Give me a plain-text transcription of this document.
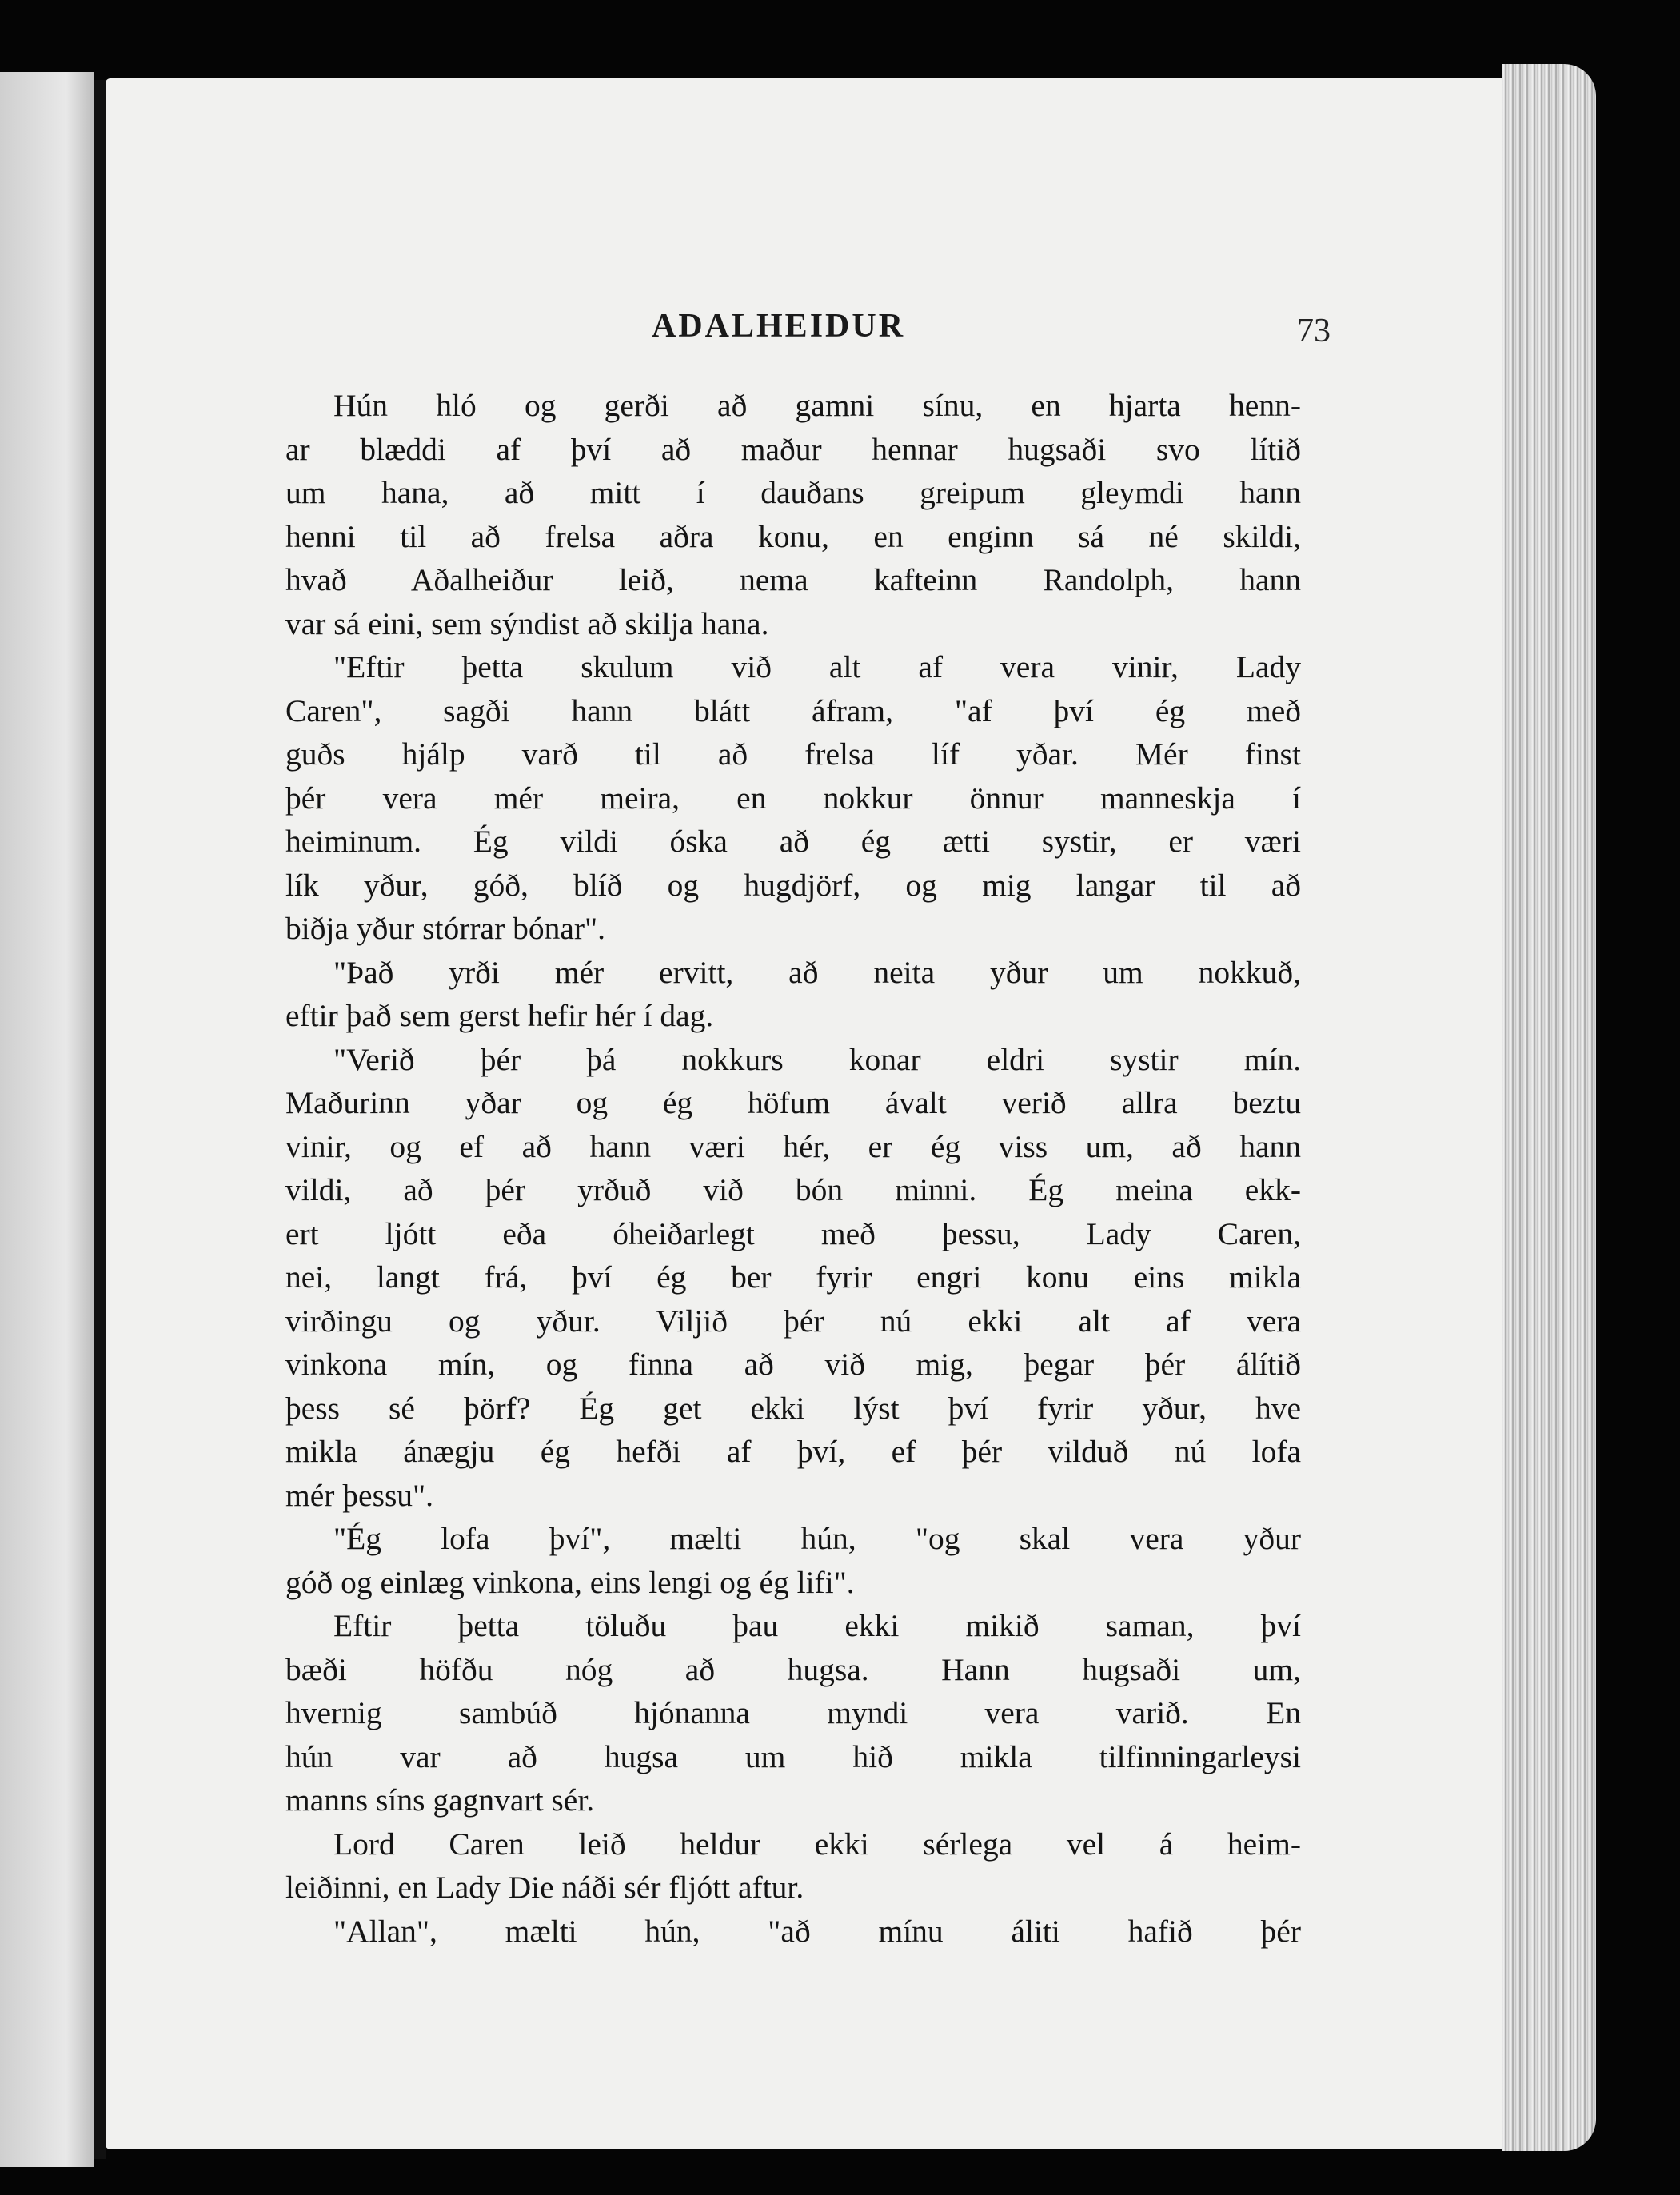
ADALHEIDUR	73
Hún hló og gerði að gamni sínu, en hjarta henn-
ar blæddi af því að maður hennar hugsaði svo lítið
um hana, að mitt í dauðans greipum gleymdi hann
henni til að frelsa aðra konu, en enginn sá né skildi,
hvað Aðalheiður leið, nema kafteinn Randolph, hann
var sá eini, sem sýndist að skilja hana.
"Eftir þetta skulum við alt af vera vinir, Lady
Caren", sagði hann blátt áfram, "af því ég með
guðs hjálp varð til að frelsa líf yðar. Mér finst
þér vera mér meira, en nokkur önnur manneskja í
heiminum. Ég vildi óska að ég ætti systir, er væri
lík yður, góð, blíð og hugdjörf, og mig langar til að
biðja yður stórrar bónar".
"Það yrði mér ervitt, að neita yður um nokkuð,
eftir það sem gerst hefir hér í dag.
"Verið þér þá nokkurs konar eldri systir mín.
Maðurinn yðar og ég höfum ávalt verið allra beztu
vinir, og ef að hann væri hér, er ég viss um, að hann
vildi, að þér yrðuð við bón minni. Ég meina ekk-
ert ljótt eða óheiðarlegt með þessu, Lady Caren,
nei, langt frá, því ég ber fyrir engri konu eins mikla
virðingu og yður. Viljið þér nú ekki alt af vera
vinkona mín, og finna að við mig, þegar þér álítið
þess sé þörf? Ég get ekki lýst því fyrir yður, hve
mikla ánægju ég hefði af því, ef þér vilduð nú lofa
mér þessu".
"Ég lofa því", mælti hún, "og skal vera yður
góð og einlæg vinkona, eins lengi og ég lifi".
Eftir þetta töluðu þau ekki mikið saman, því
bæði höfðu nóg að hugsa. Hann hugsaði um,
hvernig sambúð hjónanna myndi vera varið. En
hún var að hugsa um hið mikla tilfinningarleysi
manns síns gagnvart sér.
Lord Caren leið heldur ekki sérlega vel á heim-
leiðinni, en Lady Die náði sér fljótt aftur.
"Allan", mælti hún, "að mínu áliti hafið þér
